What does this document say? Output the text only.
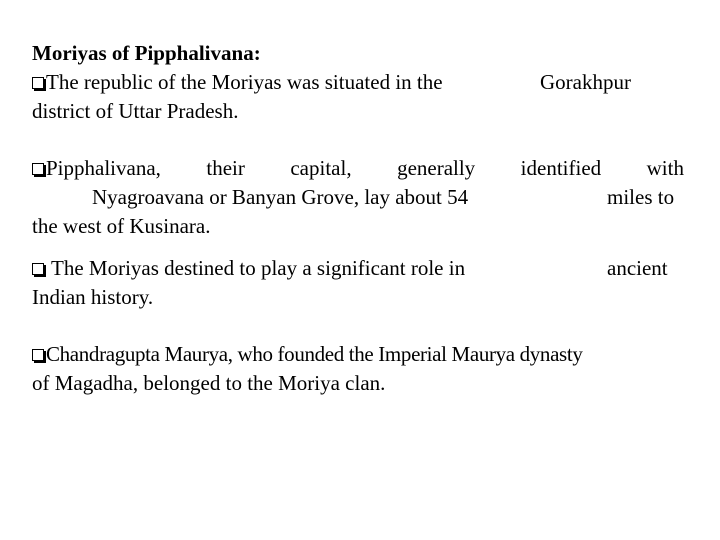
Moriyas of Pipphalivana:
The republic of the Moriyas was situated in the	Gorakhpur
district of Uttar Pradesh.
Pipphalivana, their capital, generally identified with
Nyagroavana or Banyan Grove, lay about 54	miles to
the west of Kusinara.
The Moriyas destined to play a significant role in	ancient
Indian history.
Chandragupta Maurya, who founded the Imperial Maurya dynasty
of Magadha, belonged to the Moriya clan.
